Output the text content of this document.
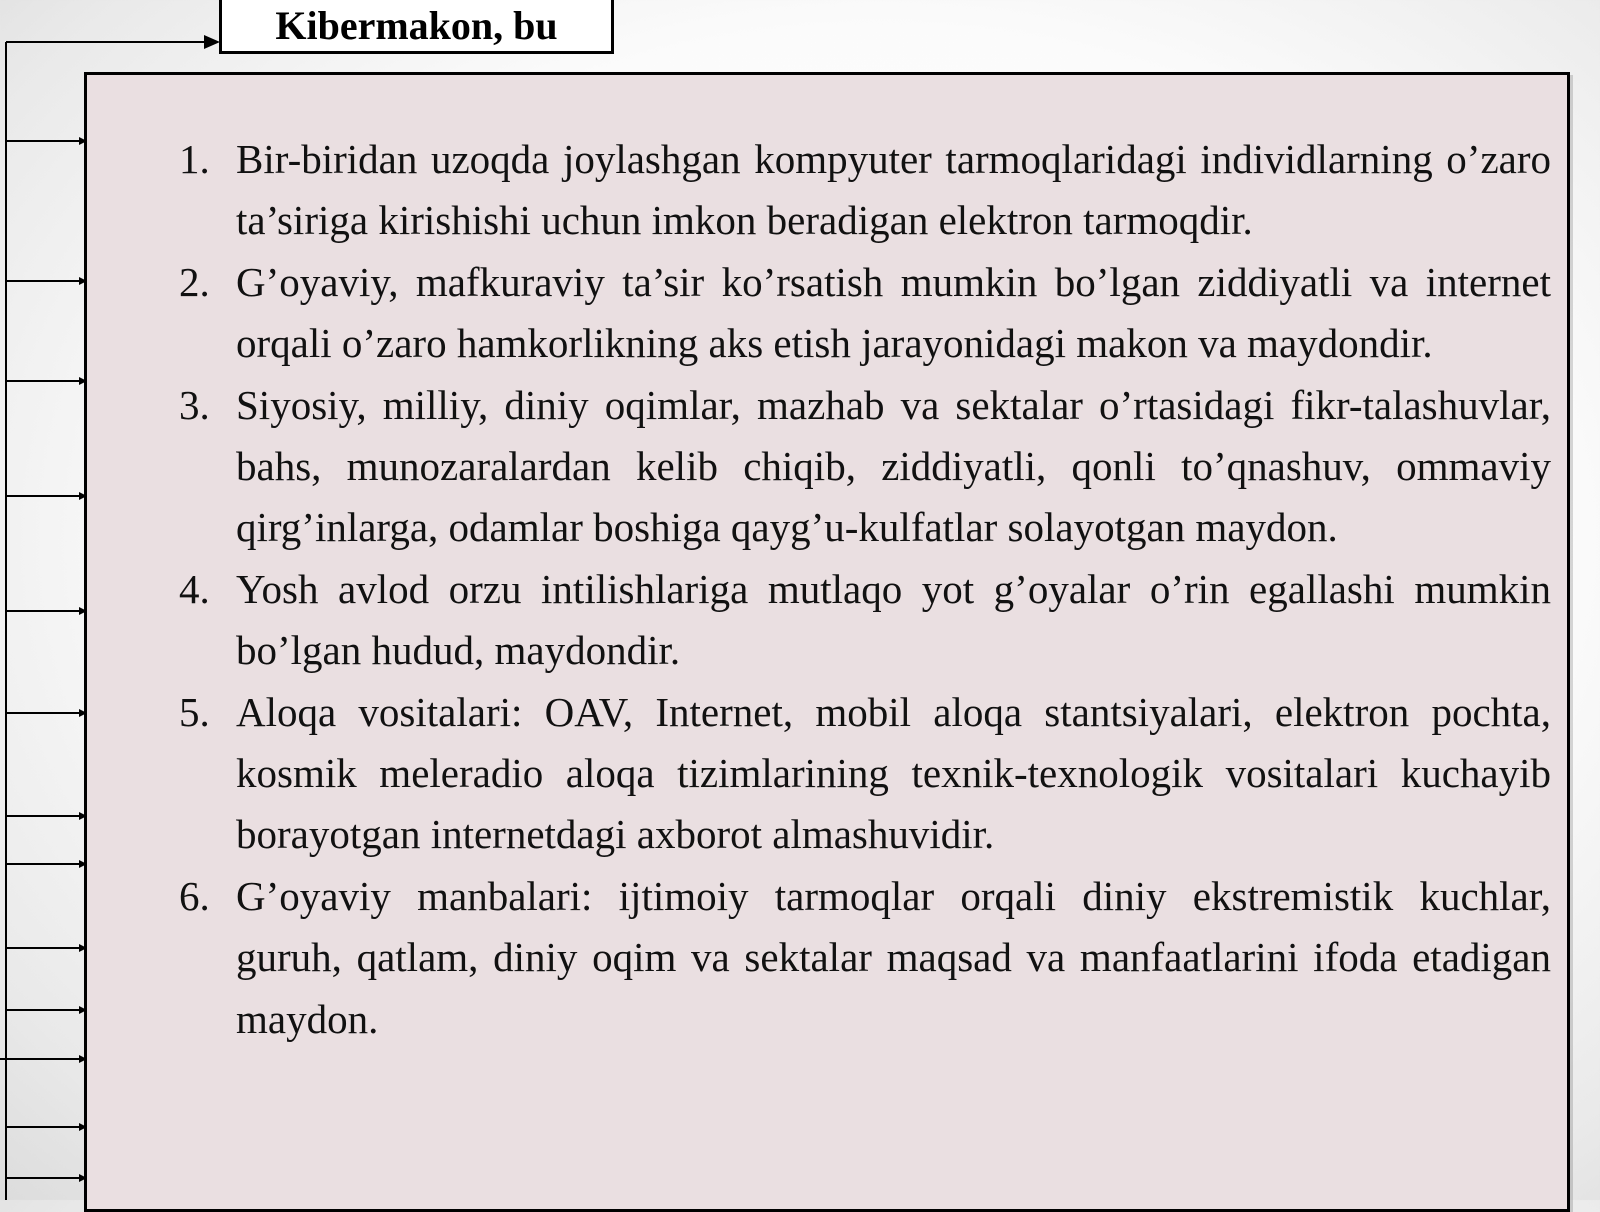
Kibermakon, bu
1. Bir-biridan uzoqda joylashgan kompyuter tarmoqlaridagi individlarning o’zaro ta’siriga kirishishi uchun imkon beradigan elektron tarmoqdir.
2. G’oyaviy, mafkuraviy ta’sir ko’rsatish mumkin bo’lgan ziddiyatli va internet orqali o’zaro hamkorlikning aks etish jarayonidagi makon va maydondir.
3. Siyosiy, milliy, diniy oqimlar, mazhab va sektalar o’rtasidagi fikr-talashuvlar, bahs, munozaralardan kelib chiqib, ziddiyatli, qonli to’qnashuv, ommaviy qirg’inlarga, odamlar boshiga qayg’u-kulfatlar solayotgan maydon.
4. Yosh avlod orzu intilishlariga mutlaqo yot g’oyalar o’rin egallashi mumkin bo’lgan hudud, maydondir.
5. Aloqa vositalari: OAV, Internet, mobil aloqa stantsiyalari, elektron pochta, kosmik meleradio aloqa tizimlarining texnik-texnologik vositalari kuchayib borayotgan internetdagi axborot almashuvidir.
6. G’oyaviy manbalari: ijtimoiy tarmoqlar orqali diniy ekstremistik kuchlar, guruh, qatlam, diniy oqim va sektalar maqsad va manfaatlarini ifoda etadigan maydon.
